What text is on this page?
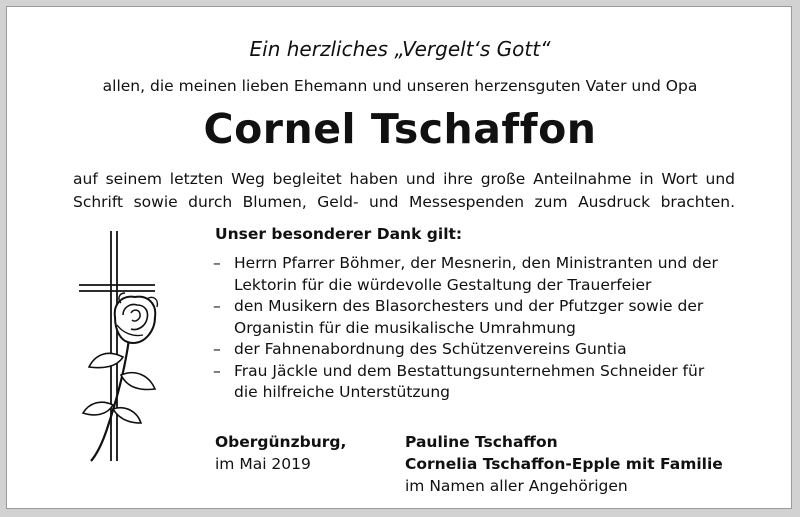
Ein herzliches „Vergelt‘s Gott“
allen, die meinen lieben Ehemann und unseren herzensguten Vater und Opa
Cornel Tschaffon
auf seinem letzten Weg begleitet haben und ihre große Anteilnahme in Wort und
Schrift sowie durch Blumen, Geld- und Messespenden zum Ausdruck brachten.
Unser besonderer Dank gilt:
– Herrn Pfarrer Böhmer, der Mesnerin, den Ministranten und der
Lektorin für die würdevolle Gestaltung der Trauerfeier
– den Musikern des Blasorchesters und der Pfutzger sowie der
Organistin für die musikalische Umrahmung
– der Fahnenabordnung des Schützenvereins Guntia
– Frau Jäckle und dem Bestattungsunternehmen Schneider für
die hilfreiche Unterstützung
Obergünzburg,
im Mai 2019
Pauline Tschaffon
Cornelia Tschaffon-Epple mit Familie
im Namen aller Angehörigen
